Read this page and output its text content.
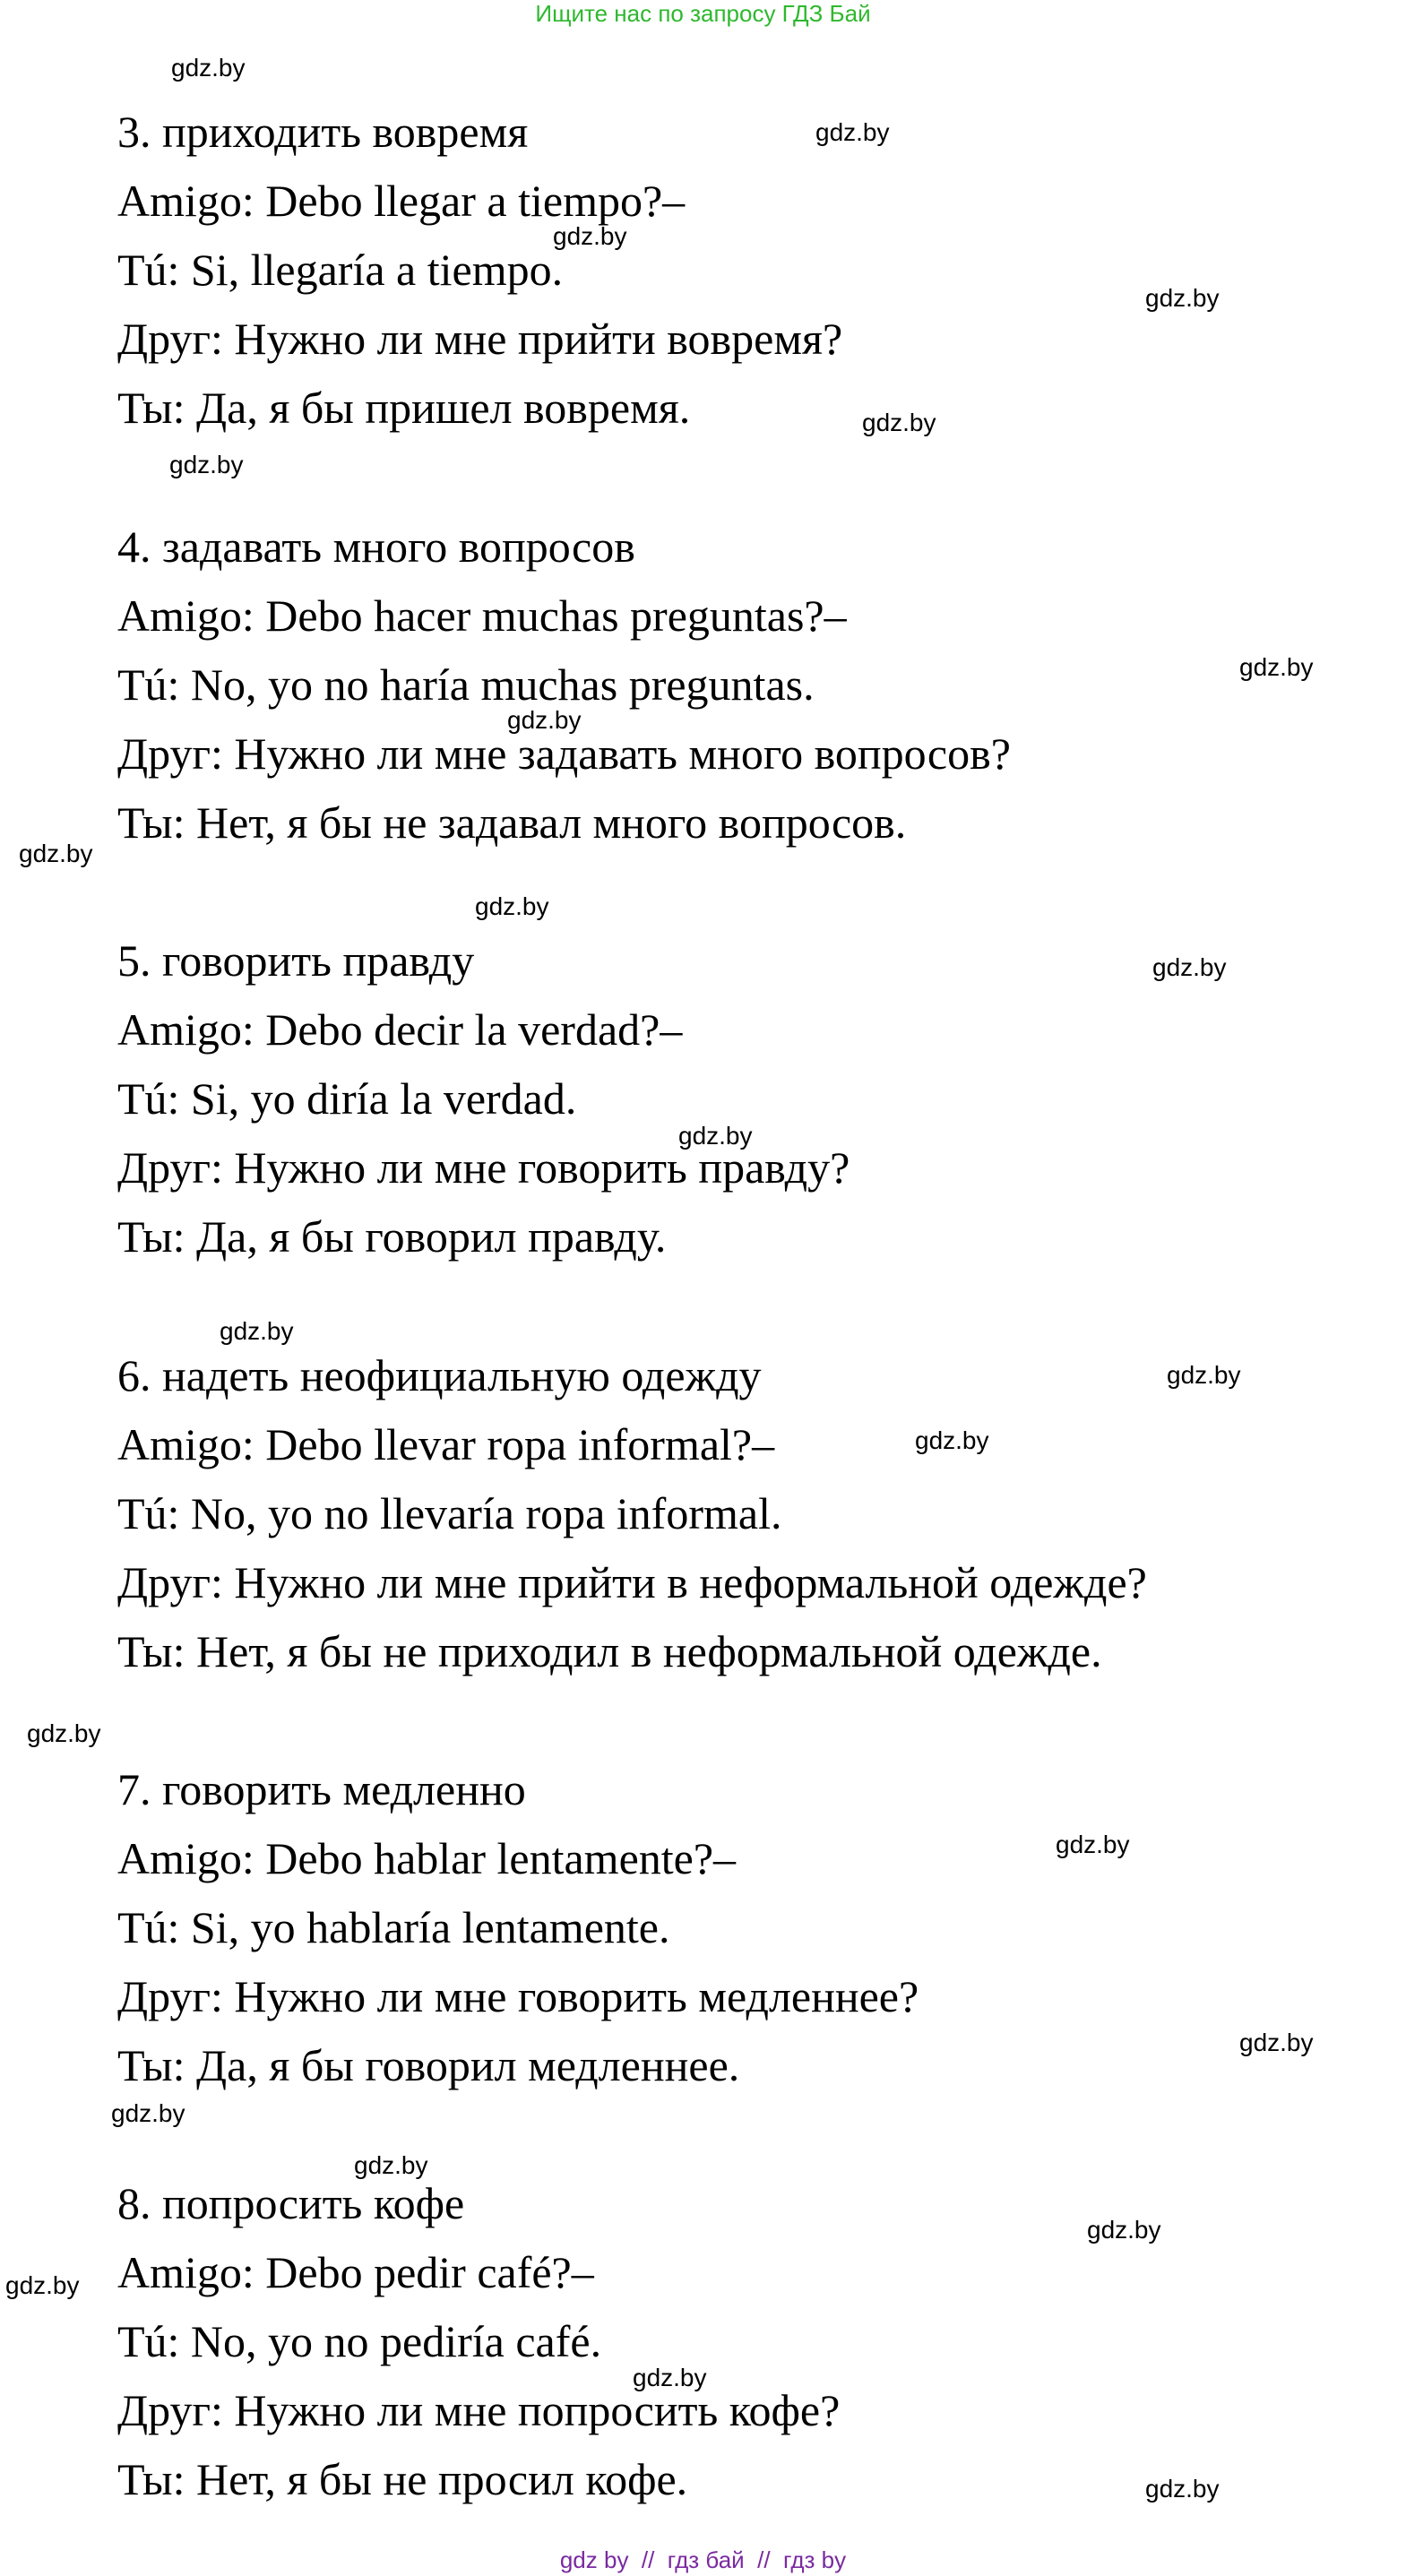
Ищите нас по запросу ГДЗ Бай
3. приходить вовремя
Amigo: Debo llegar a tiempo?–
Tú: Si, llegaría a tiempo.
Друг: Нужно ли мне прийти вовремя?
Ты: Да, я бы пришел вовремя.
4. задавать много вопросов
Amigo: Debo hacer muchas preguntas?–
Tú: No, yo no haría muchas preguntas.
Друг: Нужно ли мне задавать много вопросов?
Ты: Нет, я бы не задавал много вопросов.
5. говорить правду
Amigo: Debo decir la verdad?–
Tú: Si, yo diría la verdad.
Друг: Нужно ли мне говорить правду?
Ты: Да, я бы говорил правду.
6. надеть неофициальную одежду
Amigo: Debo llevar ropa informal?–
Tú: No, yo no llevaría ropa informal.
Друг: Нужно ли мне прийти в неформальной одежде?
Ты: Нет, я бы не приходил в неформальной одежде.
7. говорить медленно
Amigo: Debo hablar lentamente?–
Tú: Si, yo hablaría lentamente.
Друг: Нужно ли мне говорить медленнее?
Ты: Да, я бы говорил медленнее.
8. попросить кофе
Amigo: Debo pedir café?–
Tú: No, yo no pediría café.
Друг: Нужно ли мне попросить кофе?
Ты: Нет, я бы не просил кофе.
gdz.by
gdz.by
gdz.by
gdz.by
gdz.by
gdz.by
gdz.by
gdz.by
gdz.by
gdz.by
gdz.by
gdz.by
gdz.by
gdz.by
gdz.by
gdz.by
gdz.by
gdz.by
gdz.by
gdz.by
gdz.by
gdz.by
gdz.by
gdz.by
gdz by  //  гдз бай  //  гдз by
